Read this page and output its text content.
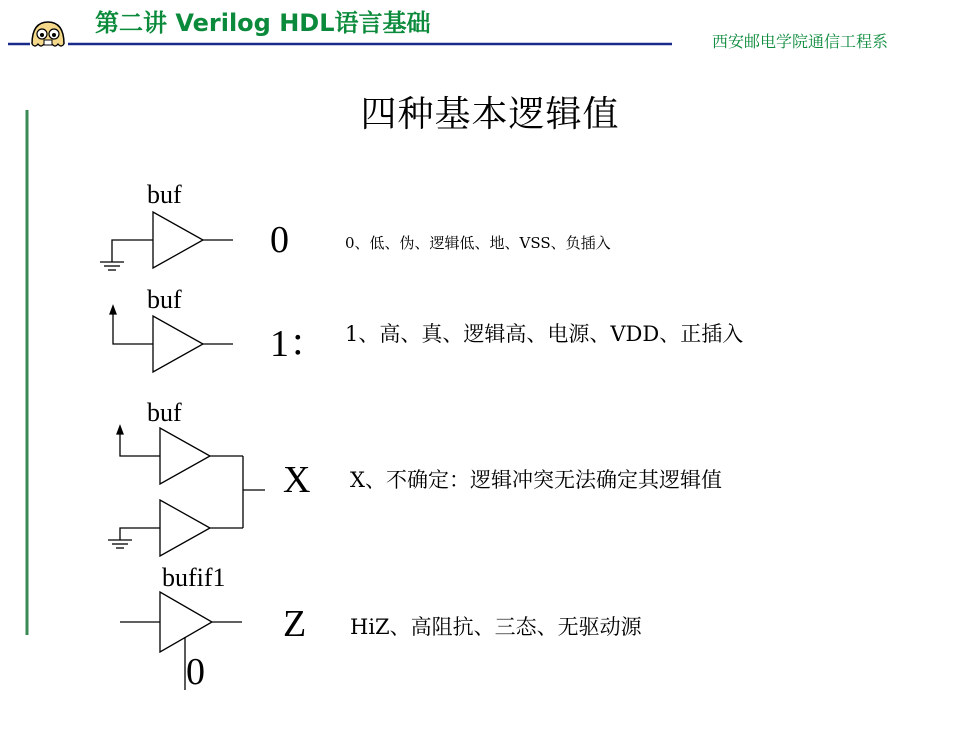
第二讲 Verilog HDL语言基础
西安邮电学院通信工程系
四种基本逻辑值
buf
0	0、低、伪、逻辑低、地、VSS、负插入
buf
1： 1、高、真、逻辑高、电源、VDD、正插入
buf
X X、不确定：逻辑冲突无法确定其逻辑值
bufif1
Z HiZ、高阻抗、三态、无驱动源
0
